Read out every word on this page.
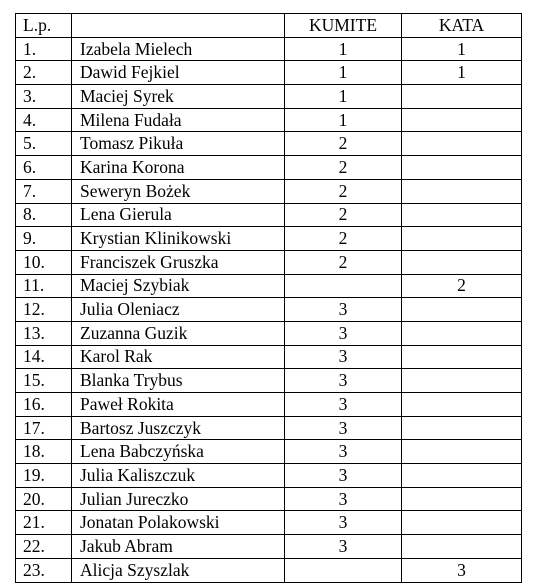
L.p.		KUMITE	KATA
1.	Izabela Mielech	1	1
2.	Dawid Fejkiel	1	1
3.	Maciej Syrek	1	
4.	Milena Fudała	1	
5.	Tomasz Pikuła	2	
6.	Karina Korona	2	
7.	Seweryn Bożek	2	
8.	Lena Gierula	2	
9.	Krystian Klinikowski	2	
10.	Franciszek Gruszka	2	
11.	Maciej Szybiak		2
12.	Julia Oleniacz	3	
13.	Zuzanna Guzik	3	
14.	Karol Rak	3	
15.	Blanka Trybus	3	
16.	Paweł Rokita	3	
17.	Bartosz Juszczyk	3	
18.	Lena Babczyńska	3	
19.	Julia Kaliszczuk	3	
20.	Julian Jureczko	3	
21.	Jonatan Polakowski	3	
22.	Jakub Abram	3	
23.	Alicja Szyszlak		3
